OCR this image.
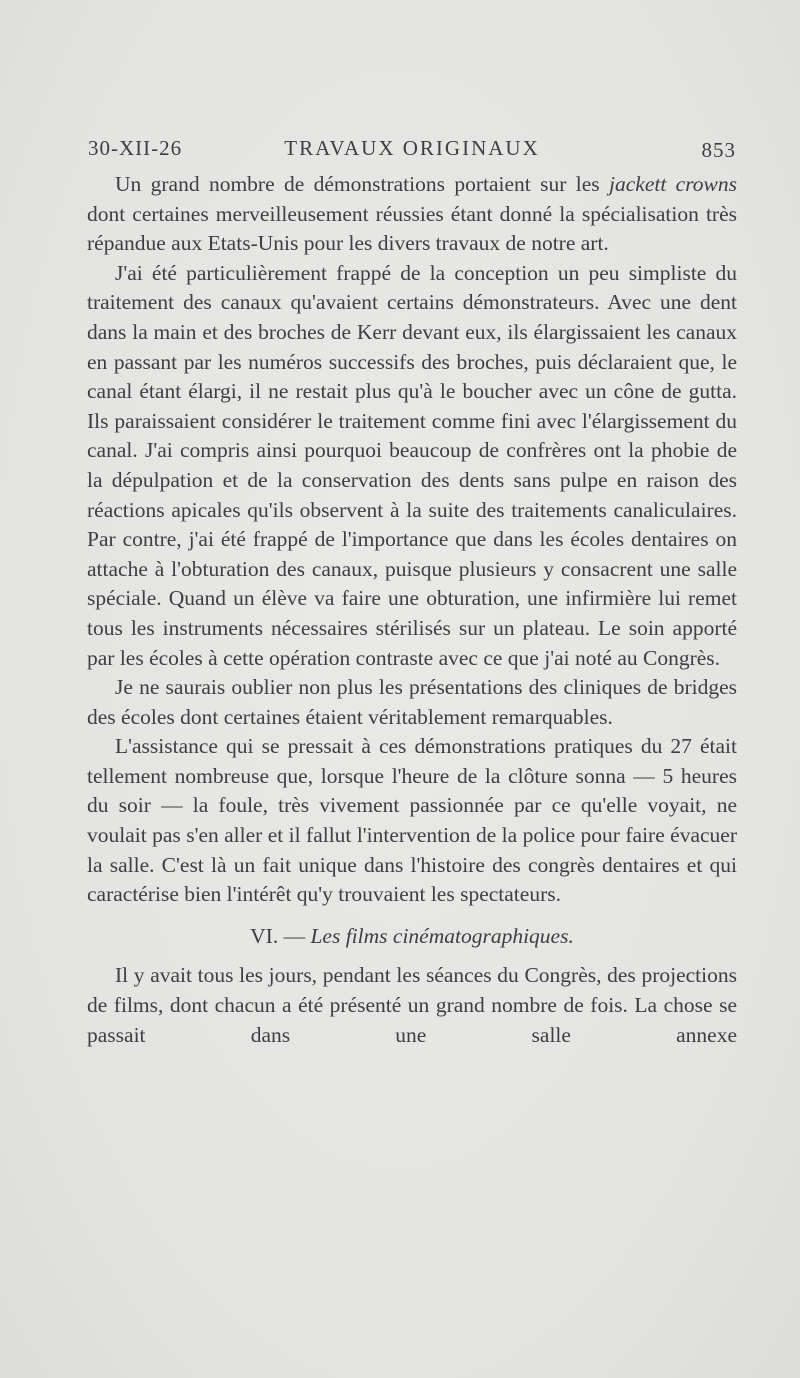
30-XII-26	TRAVAUX ORIGINAUX	853

Un grand nombre de démonstrations portaient sur les jackett crowns dont certaines merveilleusement réussies étant donné la spécialisation très répandue aux Etats-Unis pour les divers travaux de notre art.

J'ai été particulièrement frappé de la conception un peu simpliste du traitement des canaux qu'avaient certains démonstrateurs. Avec une dent dans la main et des broches de Kerr devant eux, ils élargissaient les canaux en passant par les numéros successifs des broches, puis déclaraient que, le canal étant élargi, il ne restait plus qu'à le boucher avec un cône de gutta. Ils paraissaient considérer le traitement comme fini avec l'élargissement du canal. J'ai compris ainsi pourquoi beaucoup de confrères ont la phobie de la dépulpation et de la conservation des dents sans pulpe en raison des réactions apicales qu'ils observent à la suite des traitements canaliculaires. Par contre, j'ai été frappé de l'importance que dans les écoles dentaires on attache à l'obturation des canaux, puisque plusieurs y consacrent une salle spéciale. Quand un élève va faire une obturation, une infirmière lui remet tous les instruments nécessaires stérilisés sur un plateau. Le soin apporté par les écoles à cette opération contraste avec ce que j'ai noté au Congrès.

Je ne saurais oublier non plus les présentations des cliniques de bridges des écoles dont certaines étaient véritablement remarquables.

L'assistance qui se pressait à ces démonstrations pratiques du 27 était tellement nombreuse que, lorsque l'heure de la clôture sonna — 5 heures du soir — la foule, très vivement passionnée par ce qu'elle voyait, ne voulait pas s'en aller et il fallut l'intervention de la police pour faire évacuer la salle. C'est là un fait unique dans l'histoire des congrès dentaires et qui caractérise bien l'intérêt qu'y trouvaient les spectateurs.

VI. — Les films cinématographiques.

Il y avait tous les jours, pendant les séances du Congrès, des projections de films, dont chacun a été présenté un grand nombre de fois. La chose se passait dans une salle annexe
